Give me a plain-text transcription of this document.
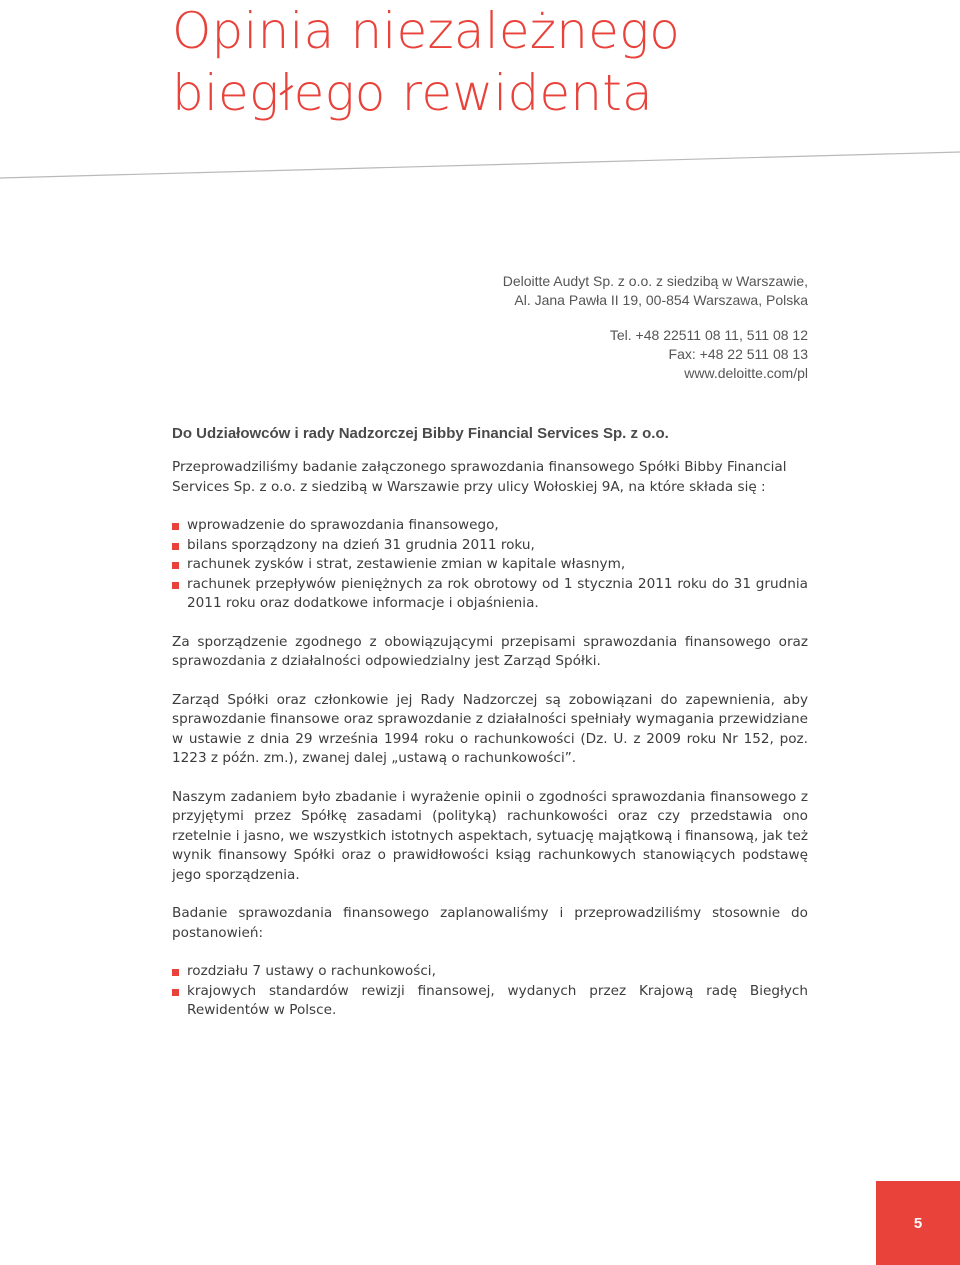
Opinia niezależnego
biegłego rewidenta
Deloitte Audyt Sp. z o.o. z siedzibą w Warszawie,
Al. Jana Pawła II 19, 00-854 Warszawa, Polska
Tel. +48 22511 08 11, 511 08 12
Fax: +48 22 511 08 13
www.deloitte.com/pl
Do Udziałowców i rady Nadzorczej Bibby Financial Services Sp. z o.o.

Przeprowadziliśmy badanie załączonego sprawozdania finansowego Spółki Bibby Financial Services Sp. z o.o. z siedzibą w Warszawie przy ulicy Wołoskiej 9A, na które składa się :

wprowadzenie do sprawozdania finansowego,
bilans sporządzony na dzień 31 grudnia 2011 roku,
rachunek zysków i strat, zestawienie zmian w kapitale własnym,
rachunek przepływów pieniężnych za rok obrotowy od 1 stycznia 2011 roku do 31 grudnia 2011 roku oraz dodatkowe informacje i objaśnienia.

Za sporządzenie zgodnego z obowiązującymi przepisami sprawozdania finansowego oraz sprawozdania z działalności odpowiedzialny jest Zarząd Spółki.

Zarząd Spółki oraz członkowie jej Rady Nadzorczej są zobowiązani do zapewnienia, aby sprawozdanie finansowe oraz sprawozdanie z działalności spełniały wymagania przewidziane w ustawie z dnia 29 września 1994 roku o rachunkowości (Dz. U. z 2009 roku Nr 152, poz. 1223 z późn. zm.), zwanej dalej „ustawą o rachunkowości”.

Naszym zadaniem było zbadanie i wyrażenie opinii o zgodności sprawozdania finansowego z przyjętymi przez Spółkę zasadami (polityką) rachunkowości oraz czy przedstawia ono rzetelnie i jasno, we wszystkich istotnych aspektach, sytuację majątkową i finansową, jak też wynik finansowy Spółki oraz o prawidłowości ksiąg rachunkowych stanowiących podstawę jego sporządzenia.

Badanie sprawozdania finansowego zaplanowaliśmy i przeprowadziliśmy stosownie do postanowień:

rozdziału 7 ustawy o rachunkowości,
krajowych standardów rewizji finansowej, wydanych przez Krajową radę Biegłych Rewidentów w Polsce.
5
